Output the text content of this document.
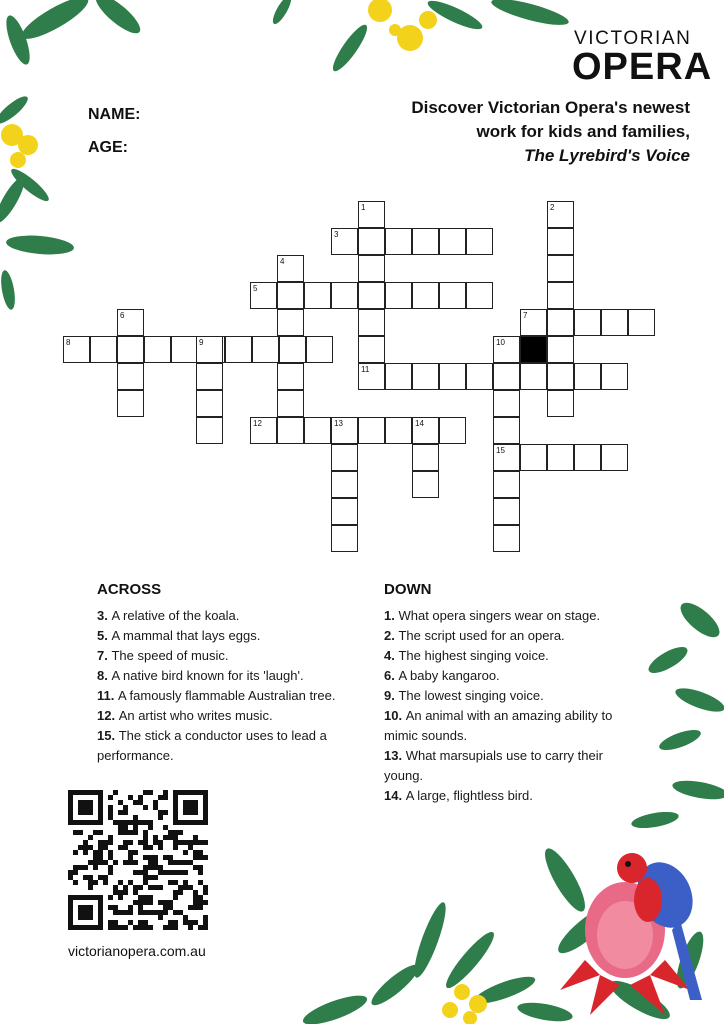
VICTORIAN
OPERA
NAME:
AGE:
Discover Victorian Opera's newest
work for kids and families,
The Lyrebird's Voice
1	2
3
4
5
6	7
8	9	10
11
12	13	14
15
ACROSS
3. A relative of the koala.
5. A mammal that lays eggs.
7. The speed of music.
8. A native bird known for its 'laugh'.
11. A famously flammable Australian tree.
12. An artist who writes music.
15. The stick a conductor uses to lead a performance.
DOWN
1. What opera singers wear on stage.
2. The script used for an opera.
4. The highest singing voice.
6. A baby kangaroo.
9. The lowest singing voice.
10. An animal with an amazing ability to mimic sounds.
13. What marsupials use to carry their young.
14. A large, flightless bird.
victorianopera.com.au
